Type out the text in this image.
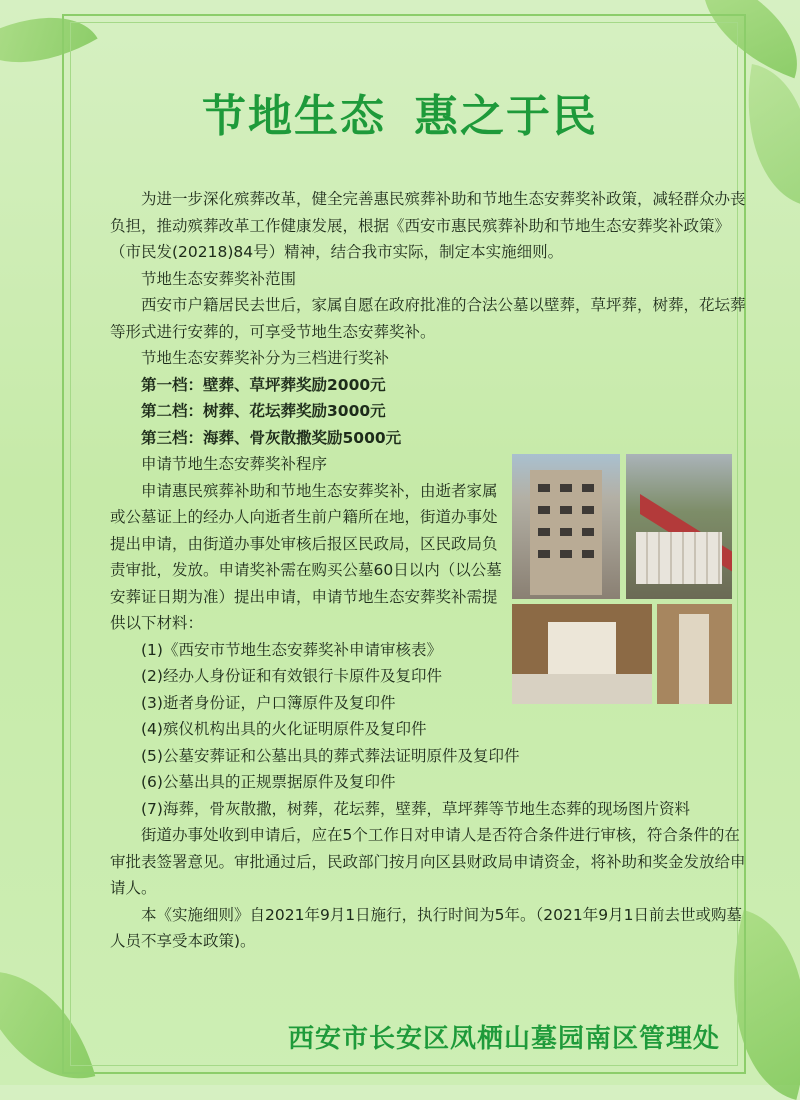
节地生态 惠之于民

为进一步深化殡葬改革，健全完善惠民殡葬补助和节地生态安葬奖补政策，减轻群众办丧负担，推动殡葬改革工作健康发展，根据《西安市惠民殡葬补助和节地生态安葬奖补政策》（市民发(20218)84号）精神，结合我市实际，制定本实施细则。

节地生态安葬奖补范围

西安市户籍居民去世后，家属自愿在政府批准的合法公墓以壁葬，草坪葬，树葬，花坛葬等形式进行安葬的，可享受节地生态安葬奖补。

节地生态安葬奖补分为三档进行奖补

第一档：壁葬、草坪葬奖励2000元

第二档：树葬、花坛葬奖励3000元

第三档：海葬、骨灰散撒奖励5000元

申请节地生态安葬奖补程序

申请惠民殡葬补助和节地生态安葬奖补，由逝者家属或公墓证上的经办人向逝者生前户籍所在地，街道办事处提出申请，由街道办事处审核后报区民政局，区民政局负责审批，发放。申请奖补需在购买公墓60日以内（以公墓安葬证日期为准）提出申请，申请节地生态安葬奖补需提供以下材料：

(1)《西安市节地生态安葬奖补申请审核表》

(2)经办人身份证和有效银行卡原件及复印件

(3)逝者身份证，户口簿原件及复印件

(4)殡仪机构出具的火化证明原件及复印件

(5)公墓安葬证和公墓出具的葬式葬法证明原件及复印件

(6)公墓出具的正规票据原件及复印件

(7)海葬，骨灰散撒，树葬，花坛葬，壁葬，草坪葬等节地生态葬的现场图片资料

街道办事处收到申请后，应在5个工作日对申请人是否符合条件进行审核，符合条件的在审批表签署意见。审批通过后，民政部门按月向区县财政局申请资金，将补助和奖金发放给申请人。

本《实施细则》自2021年9月1日施行，执行时间为5年。（2021年9月1日前去世或购墓人员不享受本政策)。

西安市长安区凤栖山墓园南区管理处
